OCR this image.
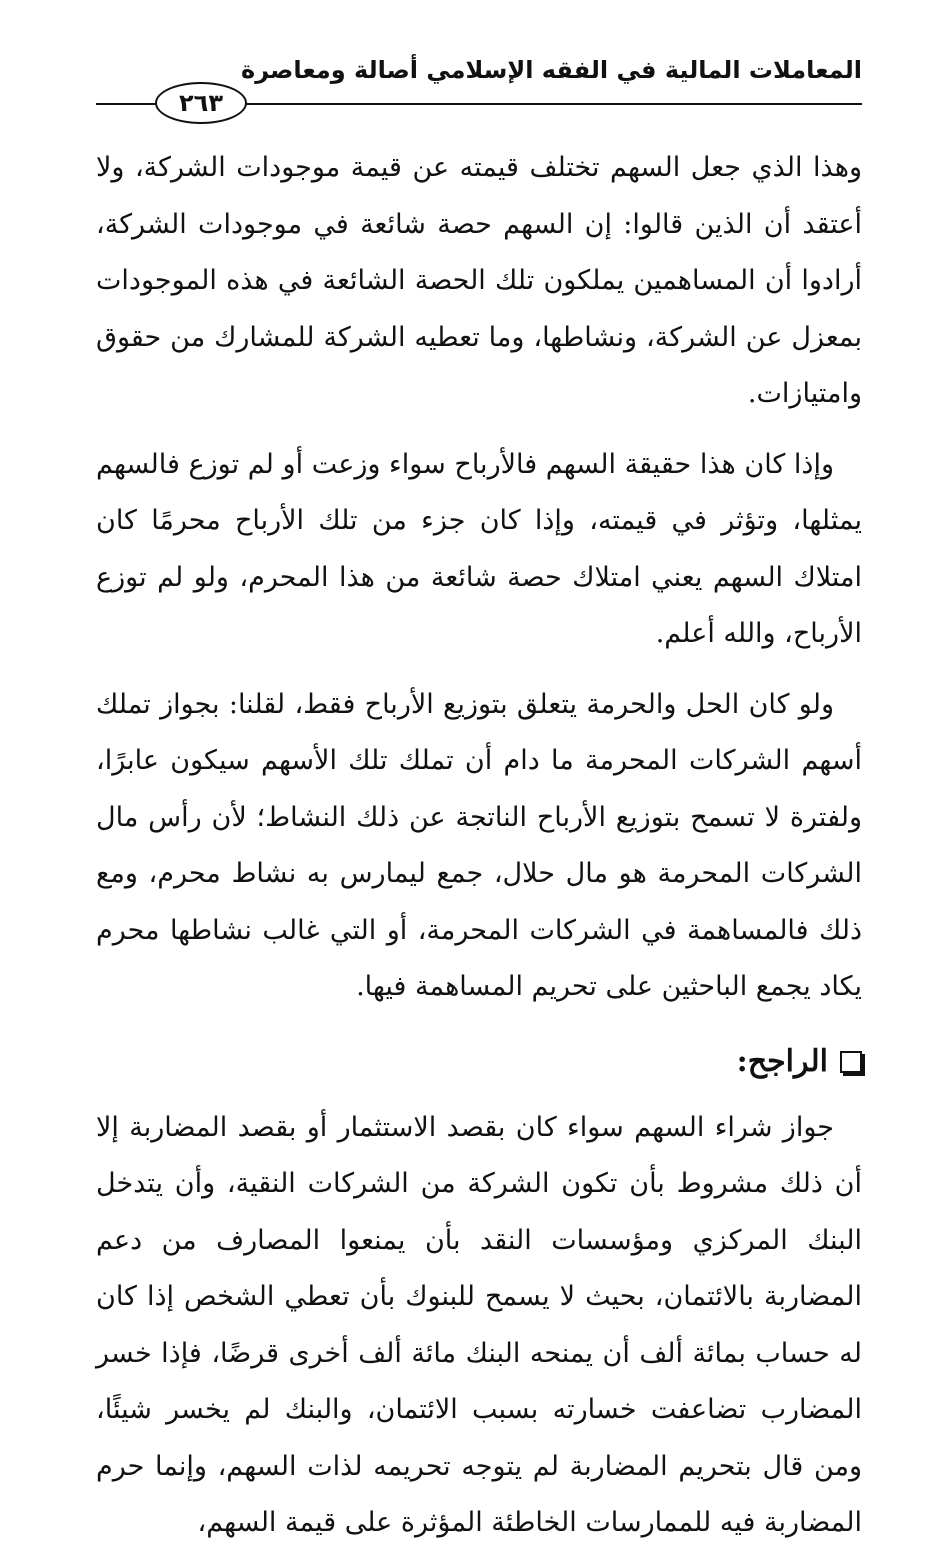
المعاملات المالية في الفقه الإسلامي أصالة ومعاصرة
٢٦٣

وهذا الذي جعل السهم تختلف قيمته عن قيمة موجودات الشركة، ولا أعتقد أن الذين قالوا: إن السهم حصة شائعة في موجودات الشركة، أرادوا أن المساهمين يملكون تلك الحصة الشائعة في هذه الموجودات بمعزل عن الشركة، ونشاطها، وما تعطيه الشركة للمشارك من حقوق وامتيازات.

وإذا كان هذا حقيقة السهم فالأرباح سواء وزعت أو لم توزع فالسهم يمثلها، وتؤثر في قيمته، وإذا كان جزء من تلك الأرباح محرمًا كان امتلاك السهم يعني امتلاك حصة شائعة من هذا المحرم، ولو لم توزع الأرباح، والله أعلم.

ولو كان الحل والحرمة يتعلق بتوزيع الأرباح فقط، لقلنا: بجواز تملك أسهم الشركات المحرمة ما دام أن تملك تلك الأسهم سيكون عابرًا، ولفترة لا تسمح بتوزيع الأرباح الناتجة عن ذلك النشاط؛ لأن رأس مال الشركات المحرمة هو مال حلال، جمع ليمارس به نشاط محرم، ومع ذلك فالمساهمة في الشركات المحرمة، أو التي غالب نشاطها محرم يكاد يجمع الباحثين على تحريم المساهمة فيها.

الراجح:

جواز شراء السهم سواء كان بقصد الاستثمار أو بقصد المضاربة إلا أن ذلك مشروط بأن تكون الشركة من الشركات النقية، وأن يتدخل البنك المركزي ومؤسسات النقد بأن يمنعوا المصارف من دعم المضاربة بالائتمان، بحيث لا يسمح للبنوك بأن تعطي الشخص إذا كان له حساب بمائة ألف أن يمنحه البنك مائة ألف أخرى قرضًا، فإذا خسر المضارب تضاعفت خسارته بسبب الائتمان، والبنك لم يخسر شيئًا، ومن قال بتحريم المضاربة لم يتوجه تحريمه لذات السهم، وإنما حرم المضاربة فيه للممارسات الخاطئة المؤثرة على قيمة السهم،
